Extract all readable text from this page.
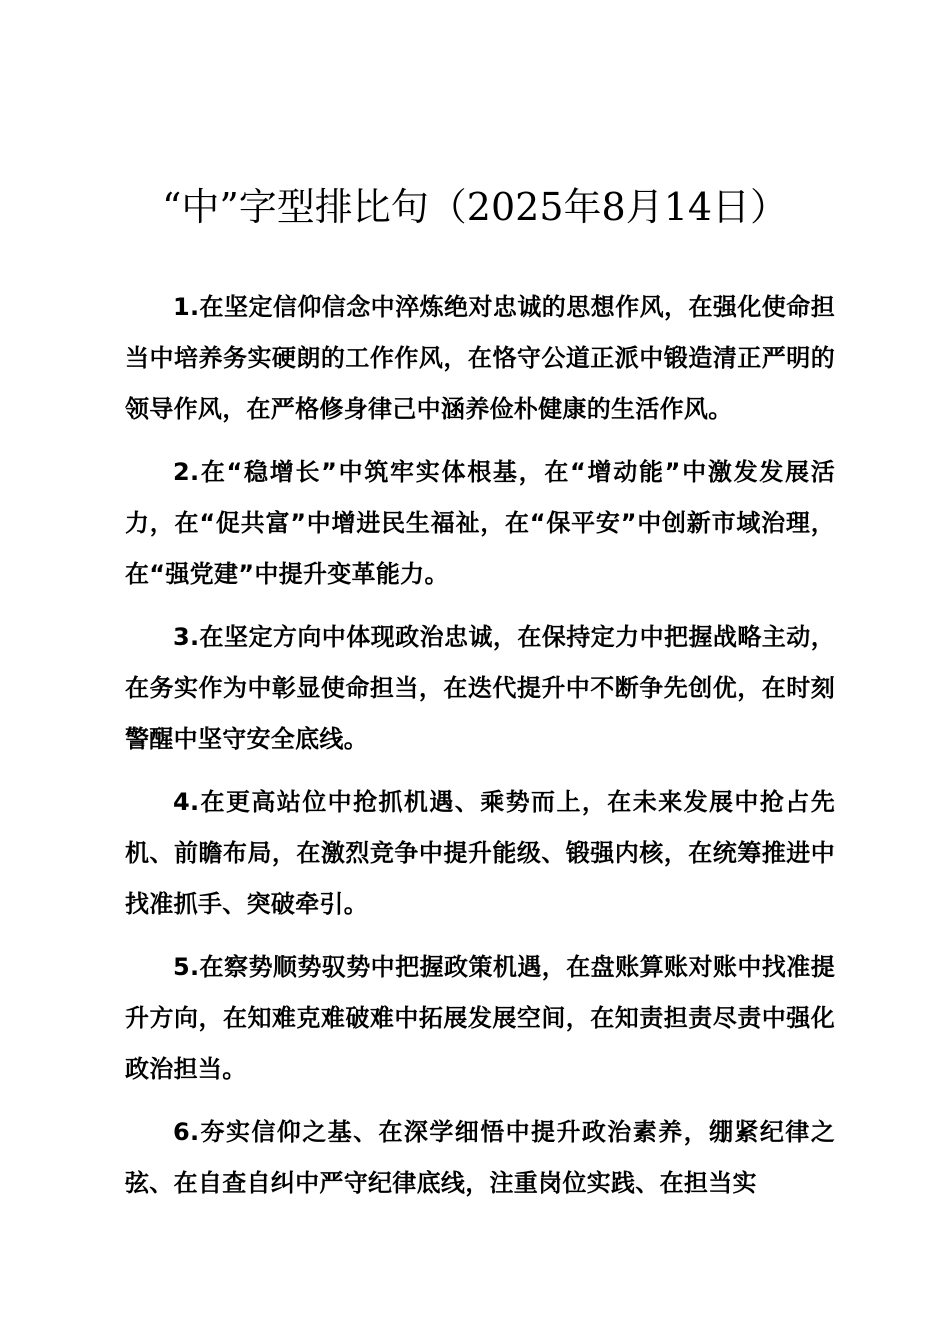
“中”字型排比句（2025年8月14日）

1.在坚定信仰信念中淬炼绝对忠诚的思想作风，在强化使命担当中培养务实硬朗的工作作风，在恪守公道正派中锻造清正严明的领导作风，在严格修身律己中涵养俭朴健康的生活作风。

2.在“稳增长”中筑牢实体根基，在“增动能”中激发发展活力，在“促共富”中增进民生福祉，在“保平安”中创新市域治理，在“强党建”中提升变革能力。

3.在坚定方向中体现政治忠诚，在保持定力中把握战略主动，在务实作为中彰显使命担当，在迭代提升中不断争先创优，在时刻警醒中坚守安全底线。

4.在更高站位中抢抓机遇、乘势而上，在未来发展中抢占先机、前瞻布局，在激烈竞争中提升能级、锻强内核，在统筹推进中找准抓手、突破牵引。

5.在察势顺势驭势中把握政策机遇，在盘账算账对账中找准提升方向，在知难克难破难中拓展发展空间，在知责担责尽责中强化政治担当。

6.夯实信仰之基、在深学细悟中提升政治素养，绷紧纪律之弦、在自查自纠中严守纪律底线，注重岗位实践、在担当实
